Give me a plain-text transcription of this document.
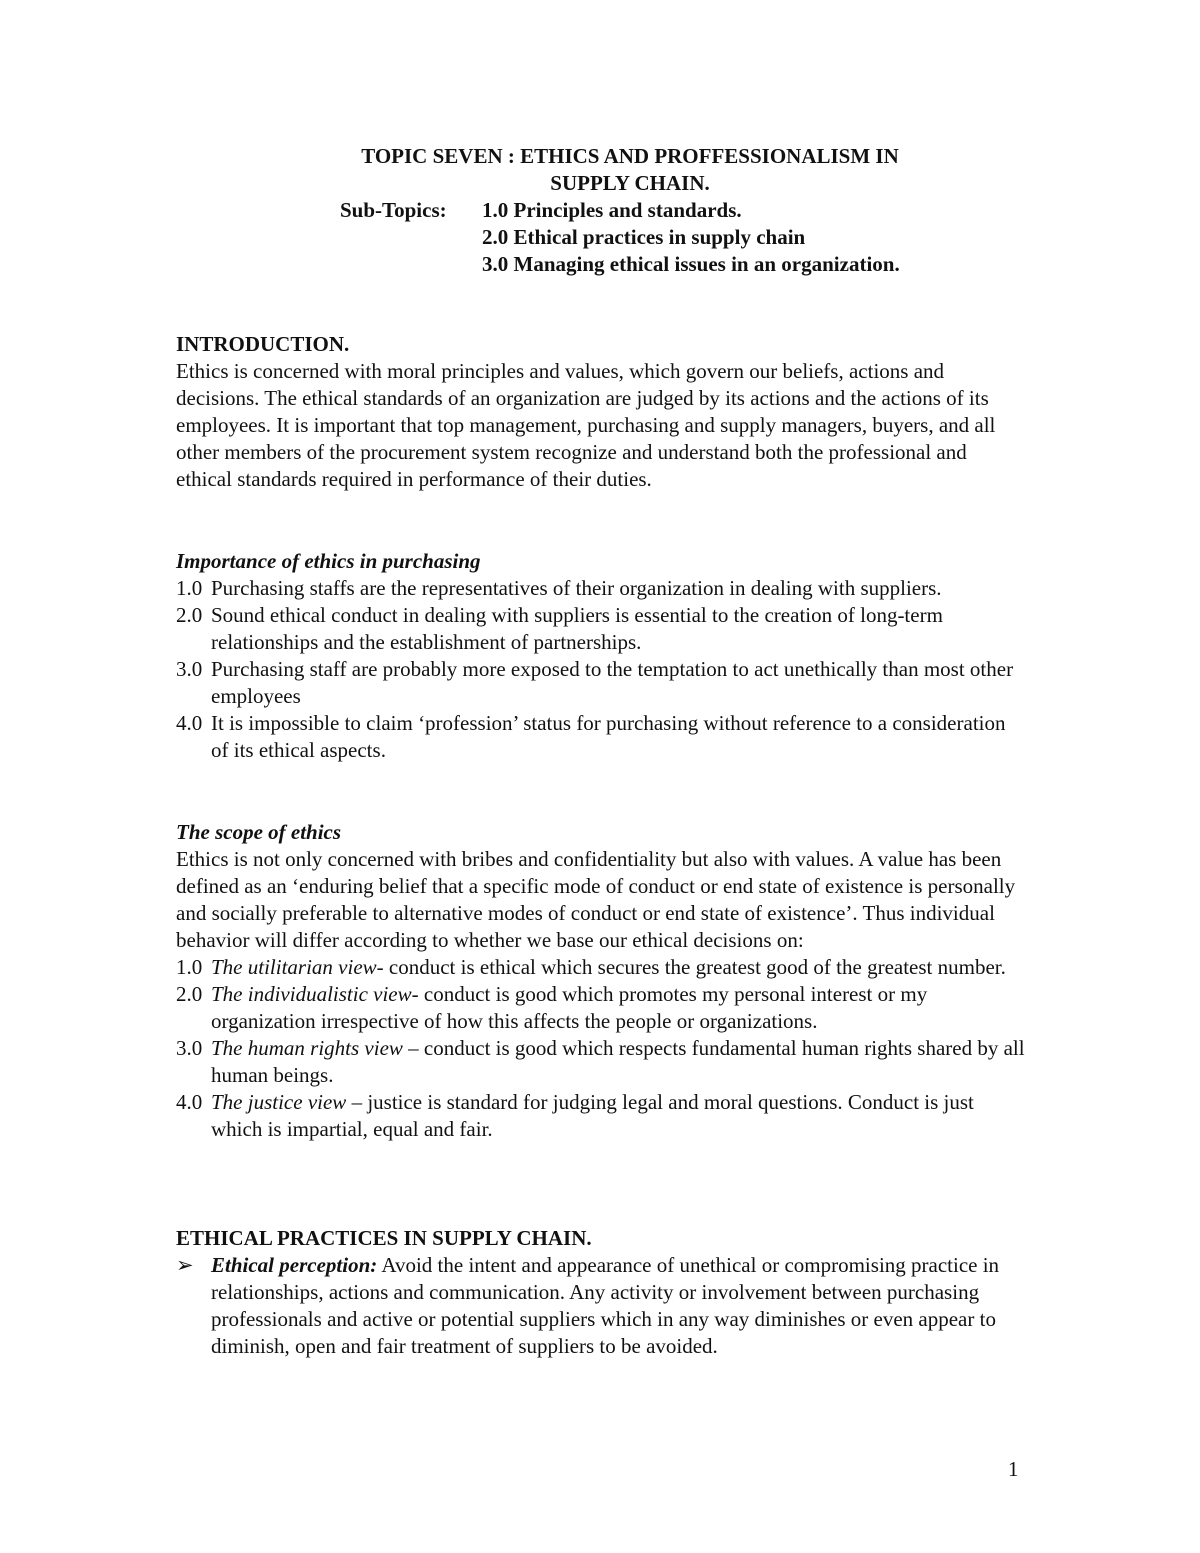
TOPIC SEVEN : ETHICS AND PROFFESSIONALISM IN

SUPPLY CHAIN.

Sub-Topics:	1.0 Principles and standards.
2.0 Ethical practices in supply chain
3.0 Managing ethical issues in an organization.

INTRODUCTION.

Ethics is concerned with moral principles and values, which govern our beliefs, actions and decisions. The ethical standards of an organization are judged by its actions and the actions of its employees. It is important that top management, purchasing and supply managers, buyers, and all other members of the procurement system recognize and understand both the professional and ethical standards required in performance of their duties.

Importance of ethics in purchasing

1.0 Purchasing staffs are the representatives of their organization in dealing with suppliers.
2.0 Sound ethical conduct in dealing with suppliers is essential to the creation of long-term relationships and the establishment of partnerships.
3.0 Purchasing staff are probably more exposed to the temptation to act unethically than most other employees
4.0 It is impossible to claim ‘profession’ status for purchasing without reference to a consideration of its ethical aspects.

The scope of ethics

Ethics is not only concerned with bribes and confidentiality but also with values. A value has been defined as an ‘enduring belief that a specific mode of conduct or end state of existence is personally and socially preferable to alternative modes of conduct or end state of existence’. Thus individual behavior will differ according to whether we base our ethical decisions on:

1.0 The utilitarian view- conduct is ethical which secures the greatest good of the greatest number.
2.0 The individualistic view- conduct is good which promotes my personal interest or my organization irrespective of how this affects the people or organizations.
3.0 The human rights view – conduct is good which respects fundamental human rights shared by all human beings.
4.0 The justice view – justice is standard for judging legal and moral questions. Conduct is just which is impartial, equal and fair.

ETHICAL PRACTICES IN SUPPLY CHAIN.

➢ Ethical perception: Avoid the intent and appearance of unethical or compromising practice in relationships, actions and communication. Any activity or involvement between purchasing professionals and active or potential suppliers which in any way diminishes or even appear to diminish, open and fair treatment of suppliers to be avoided.
1
